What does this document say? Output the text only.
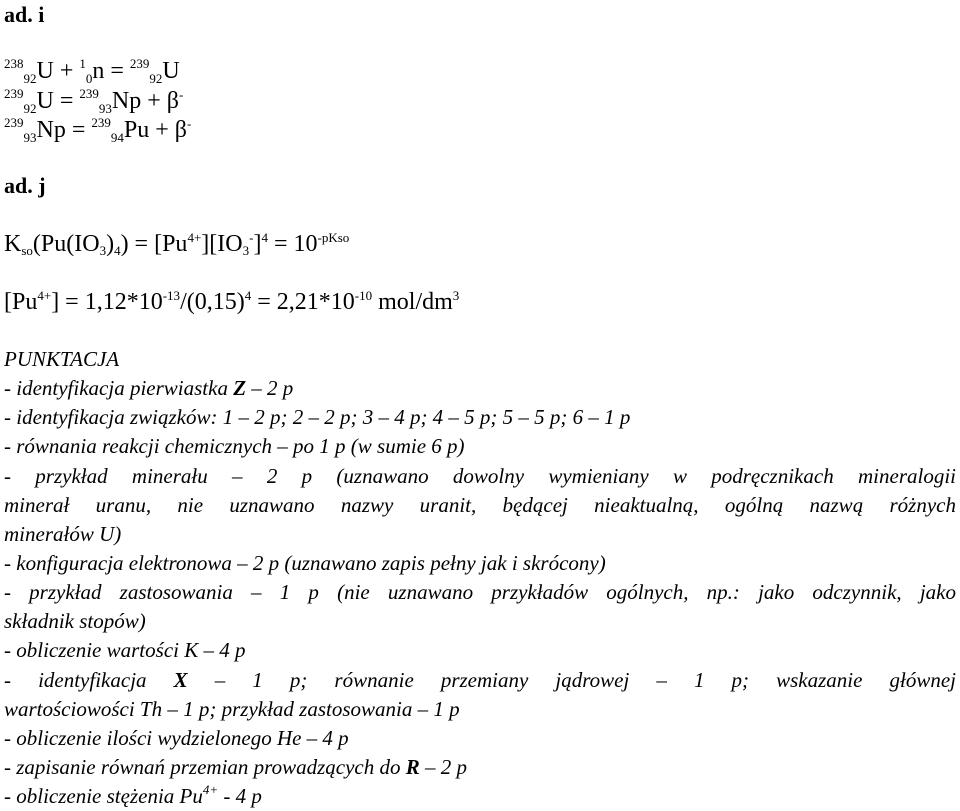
ad. i
23892U + 10n = 23992U
23992U = 23993Np + β-
23993Np = 23994Pu + β-
ad. j
$K_{so}(Pu(IO_3)_4) = [Pu^{4+}][IO_3^-]^4 = 10^{-pKso}$
$[Pu^{4+}] = 1,12*10^{-13}/(0,15)^4 = 2,21*10^{-10}$ mol/$dm^3$
PUNKTACJA
- identyfikacja pierwiastka Z – 2 p
- identyfikacja związków: 1 – 2 p; 2 – 2 p; 3 – 4 p; 4 – 5 p; 5 – 5 p; 6 – 1 p
- równania reakcji chemicznych – po 1 p (w sumie 6 p)
- przykład minerału – 2 p (uznawano dowolny wymieniany w podręcznikach mineralogii
minerał uranu, nie uznawano nazwy uranit, będącej nieaktualną, ogólną nazwą różnych
minerałów U)
- konfiguracja elektronowa – 2 p (uznawano zapis pełny jak i skrócony)
- przykład zastosowania – 1 p (nie uznawano przykładów ogólnych, np.: jako odczynnik, jako
składnik stopów)
- obliczenie wartości K – 4 p
- identyfikacja X – 1 p; równanie przemiany jądrowej – 1 p; wskazanie głównej
wartościowości Th – 1 p; przykład zastosowania – 1 p
- obliczenie ilości wydzielonego He – 4 p
- zapisanie równań przemian prowadzących do R – 2 p
- obliczenie stężenia $Pu^{4+} - 4$ p
